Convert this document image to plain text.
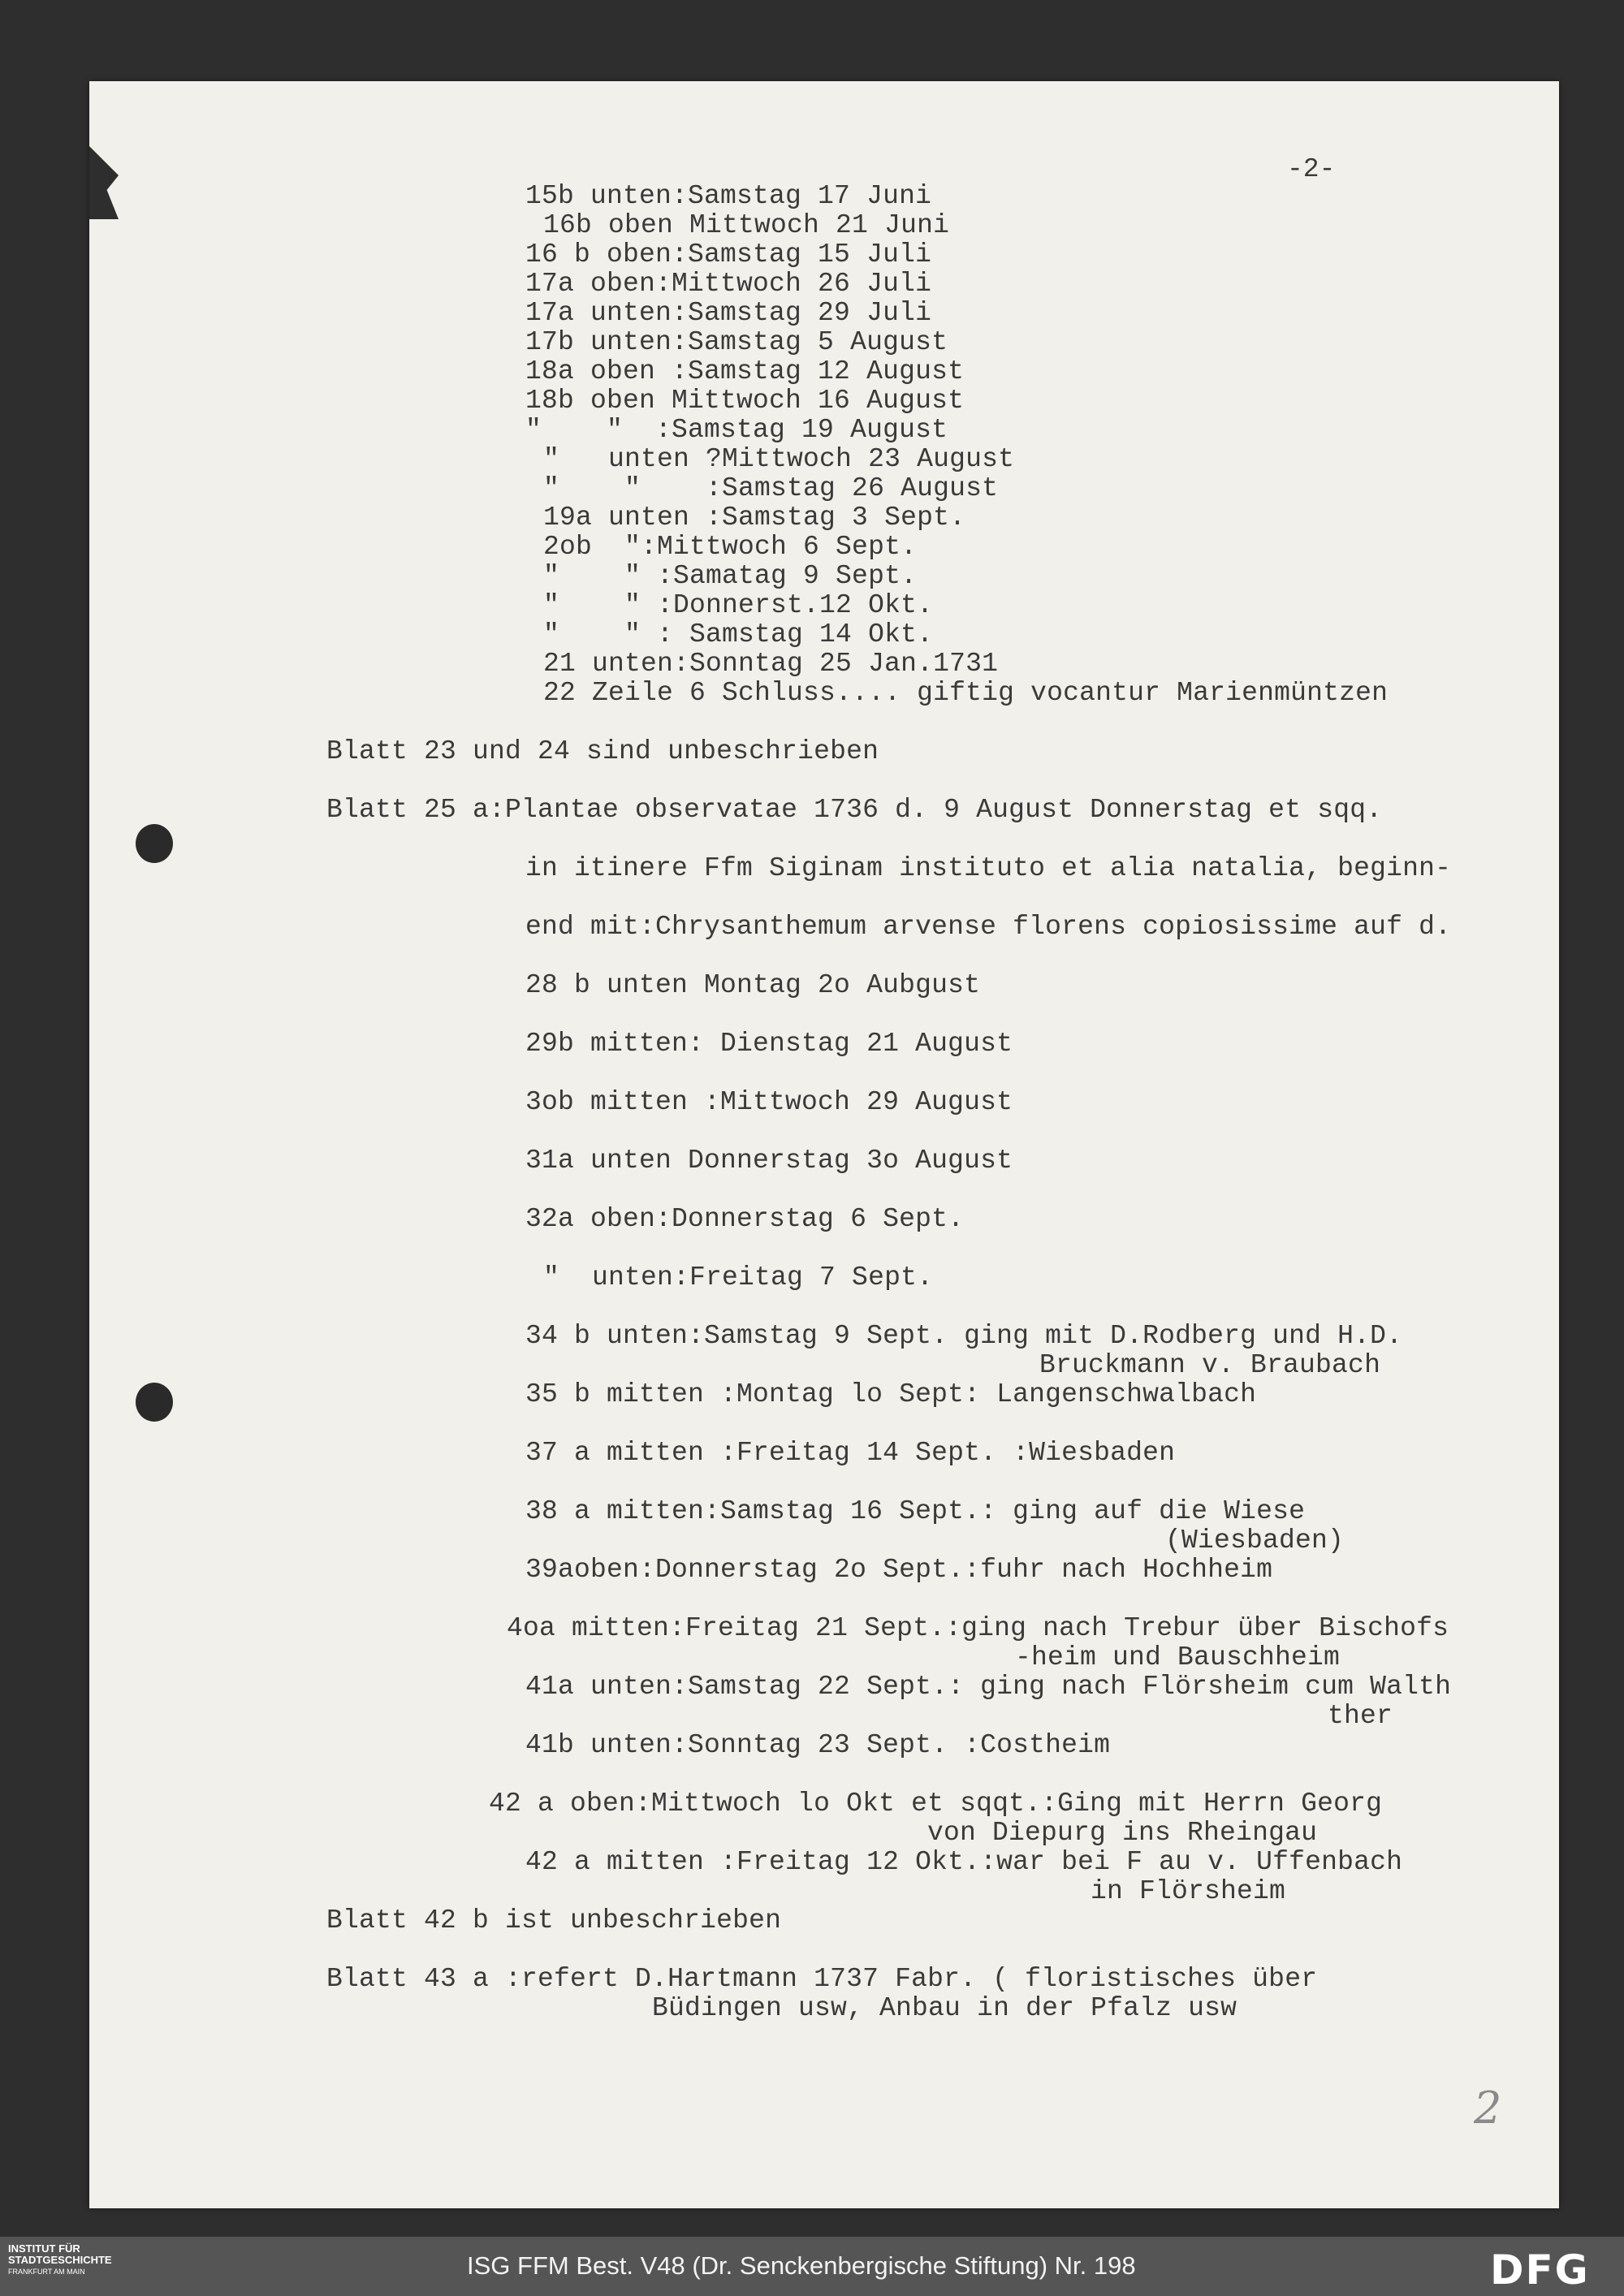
-2-

15b unten:Samstag 17 Juni

16b oben Mittwoch 21 Juni

16 b oben:Samstag 15 Juli

17a oben:Mittwoch 26 Juli

17a unten:Samstag 29 Juli

17b unten:Samstag 5 August

18a oben :Samstag 12 August

18b oben Mittwoch 16 August

"    "  :Samstag 19 August

"   unten ?Mittwoch 23 August

"    "    :Samstag 26 August

19a unten :Samstag 3 Sept.

2ob  ":Mittwoch 6 Sept.

"    " :Samatag 9 Sept.

"    " :Donnerst.12 Okt.

"    " : Samstag 14 Okt.

21 unten:Sonntag 25 Jan.1731

22 Zeile 6 Schluss.... giftig vocantur Marienmüntzen

Blatt 23 und 24 sind unbeschrieben

Blatt 25 a:Plantae observatae 1736 d. 9 August Donnerstag et sqq.

in itinere Ffm Siginam instituto et alia natalia, beginn-

end mit:Chrysanthemum arvense florens copiosissime auf d.

28 b unten Montag 2o Aubgust

29b mitten: Dienstag 21 August

3ob mitten :Mittwoch 29 August

31a unten Donnerstag 3o August

32a oben:Donnerstag 6 Sept.

"  unten:Freitag 7 Sept.

34 b unten:Samstag 9 Sept. ging mit D.Rodberg und H.D.

Bruckmann v. Braubach

35 b mitten :Montag lo Sept: Langenschwalbach

37 a mitten :Freitag 14 Sept. :Wiesbaden

38 a mitten:Samstag 16 Sept.: ging auf die Wiese

(Wiesbaden)

39aoben:Donnerstag 2o Sept.:fuhr nach Hochheim

4oa mitten:Freitag 21 Sept.:ging nach Trebur über Bischofs

-heim und Bauschheim

41a unten:Samstag 22 Sept.: ging nach Flörsheim cum Walth

ther

41b unten:Sonntag 23 Sept. :Costheim

42 a oben:Mittwoch lo Okt et sqqt.:Ging mit Herrn Georg

von Diepurg ins Rheingau

42 a mitten :Freitag 12 Okt.:war bei F au v. Uffenbach

in Flörsheim

Blatt 42 b ist unbeschrieben

Blatt 43 a :refert D.Hartmann 1737 Fabr. ( floristisches über

Büdingen usw, Anbau in der Pfalz usw

2
INSTITUT FÜR
STADTGESCHICHTE
FRANKFURT AM MAIN	ISG FFM Best. V48 (Dr. Senckenbergische Stiftung) Nr. 198	DFG
